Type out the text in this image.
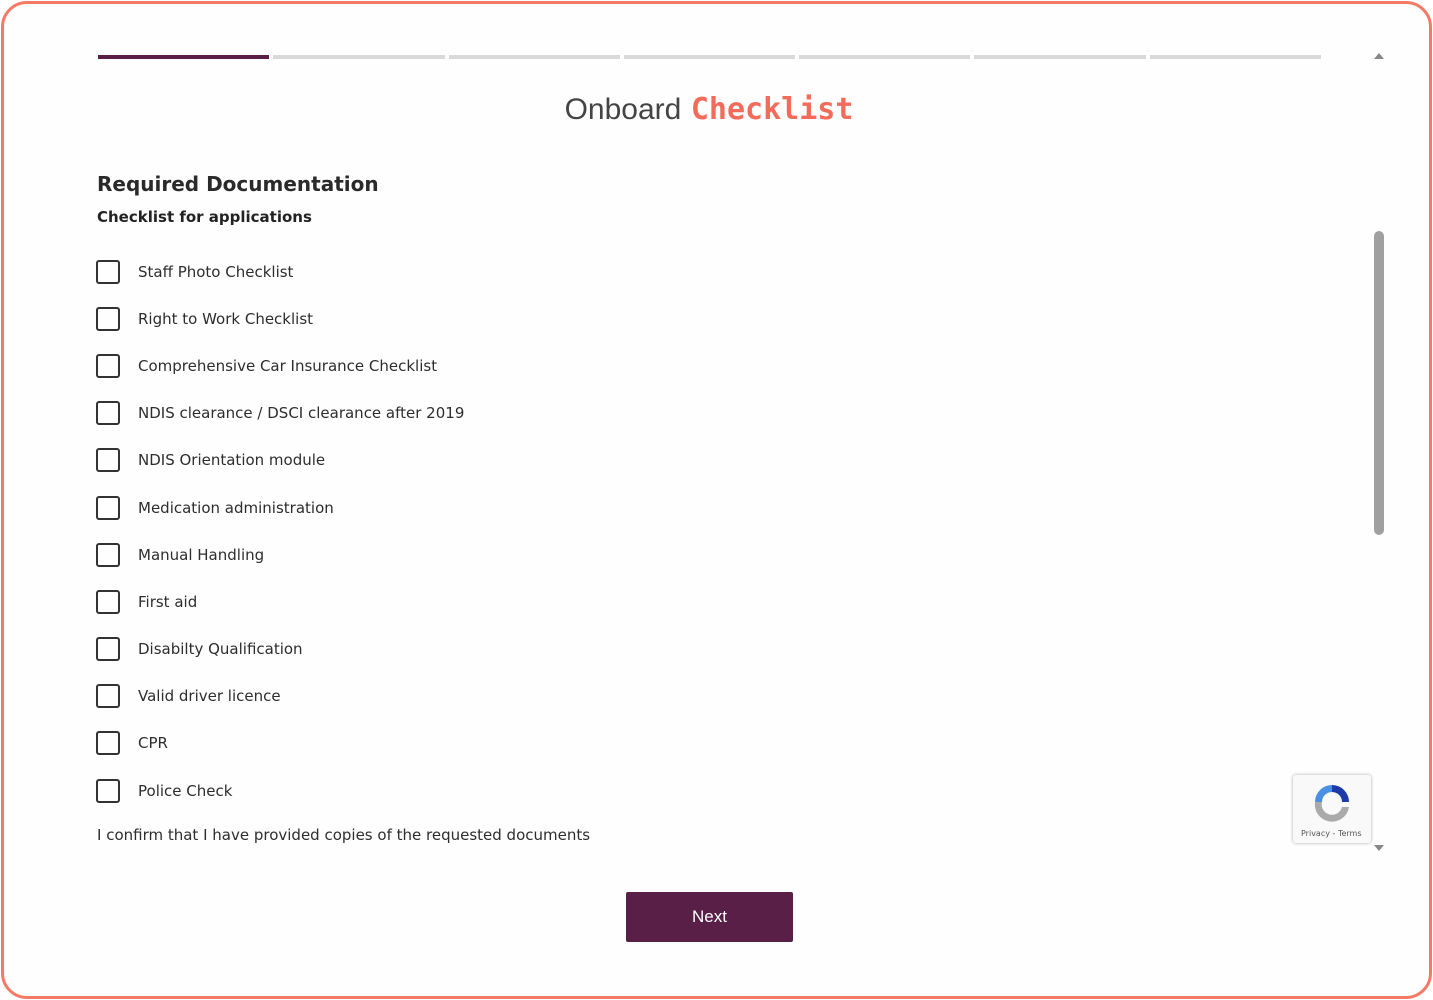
Onboard Checklist
Required Documentation
Checklist for applications
Staff Photo Checklist
Right to Work Checklist
Comprehensive Car Insurance Checklist
NDIS clearance / DSCI clearance after 2019
NDIS Orientation module
Medication administration
Manual Handling
First aid
Disabilty Qualification
Valid driver licence
CPR
Police Check
I confirm that I have provided copies of the requested documents
Next
Privacy - Terms
